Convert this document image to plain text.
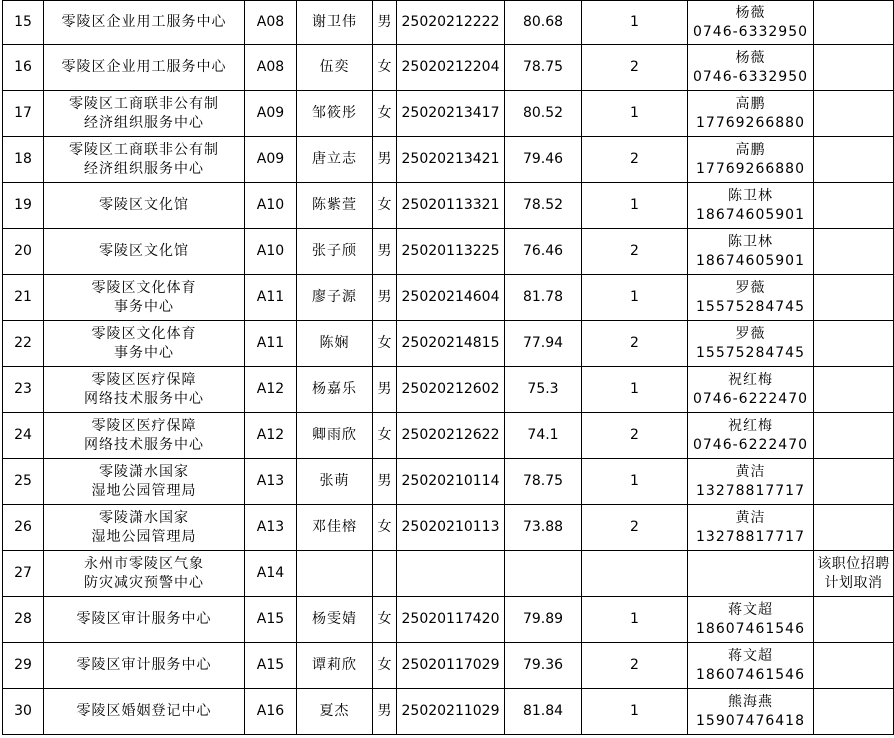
15	零陵区企业用工服务中心	A08	谢卫伟	男	25020212222	80.68	1	杨薇
0746-6332950	

16	零陵区企业用工服务中心	A08	伍奕	女	25020212204	78.75	2	杨薇
0746-6332950	

17	零陵区工商联非公有制
经济组织服务中心	A09	邹筱彤	女	25020213417	80.52	1	高鹏
17769266880	

18	零陵区工商联非公有制
经济组织服务中心	A09	唐立志	男	25020213421	79.46	2	高鹏
17769266880	

19	零陵区文化馆	A10	陈紫萱	女	25020113321	78.52	1	陈卫林
18674605901	

20	零陵区文化馆	A10	张子颀	男	25020113225	76.46	2	陈卫林
18674605901	

21	零陵区文化体育
事务中心	A11	廖子源	男	25020214604	81.78	1	罗薇
15575284745	

22	零陵区文化体育
事务中心	A11	陈娴	女	25020214815	77.94	2	罗薇
15575284745	

23	零陵区医疗保障
网络技术服务中心	A12	杨嘉乐	男	25020212602	75.3	1	祝红梅
0746-6222470	

24	零陵区医疗保障
网络技术服务中心	A12	卿雨欣	女	25020212622	74.1	2	祝红梅
0746-6222470	

25	零陵潇水国家
湿地公园管理局	A13	张萌	男	25020210114	78.75	1	黄洁
13278817717	

26	零陵潇水国家
湿地公园管理局	A13	邓佳榕	女	25020210113	73.88	2	黄洁
13278817717	

27	永州市零陵区气象
防灾减灾预警中心	A14							该职位招聘
计划取消

28	零陵区审计服务中心	A15	杨雯婧	女	25020117420	79.89	1	蒋文超
18607461546	

29	零陵区审计服务中心	A15	谭莉欣	女	25020117029	79.36	2	蒋文超
18607461546	

30	零陵区婚姻登记中心	A16	夏杰	男	25020211029	81.84	1	熊海燕
15907476418	
